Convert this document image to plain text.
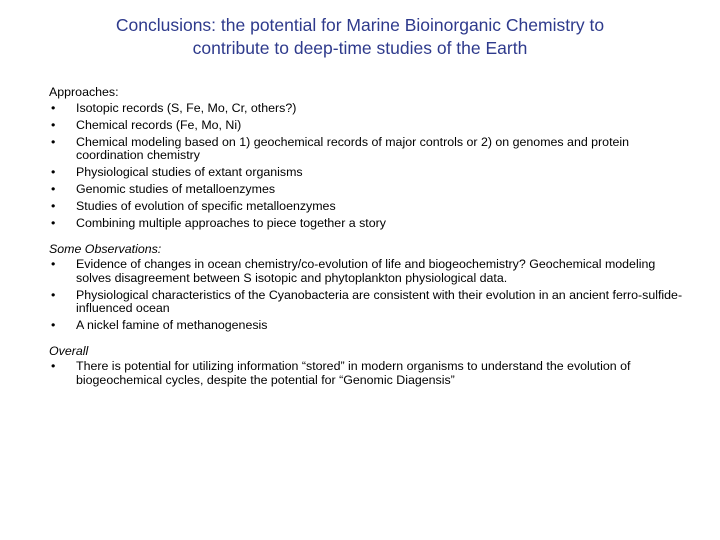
Conclusions: the potential for Marine Bioinorganic Chemistry to
contribute to deep-time studies of the Earth
Approaches:
• Isotopic records (S, Fe, Mo, Cr, others?)
• Chemical records (Fe, Mo, Ni)
• Chemical modeling based on 1) geochemical records of major controls or 2) on genomes and protein coordination chemistry
• Physiological studies of extant organisms
• Genomic studies of metalloenzymes
• Studies of evolution of specific metalloenzymes
• Combining multiple approaches to piece together a story
Some Observations:
• Evidence of changes in ocean chemistry/co-evolution of life and biogeochemistry? Geochemical modeling solves disagreement between S isotopic and phytoplankton physiological data.
• Physiological characteristics of the Cyanobacteria are consistent with their evolution in an ancient ferro-sulfide-influenced ocean
• A nickel famine of methanogenesis
Overall
• There is potential for utilizing information “stored” in modern organisms to understand the evolution of biogeochemical cycles, despite the potential for “Genomic Diagensis”
